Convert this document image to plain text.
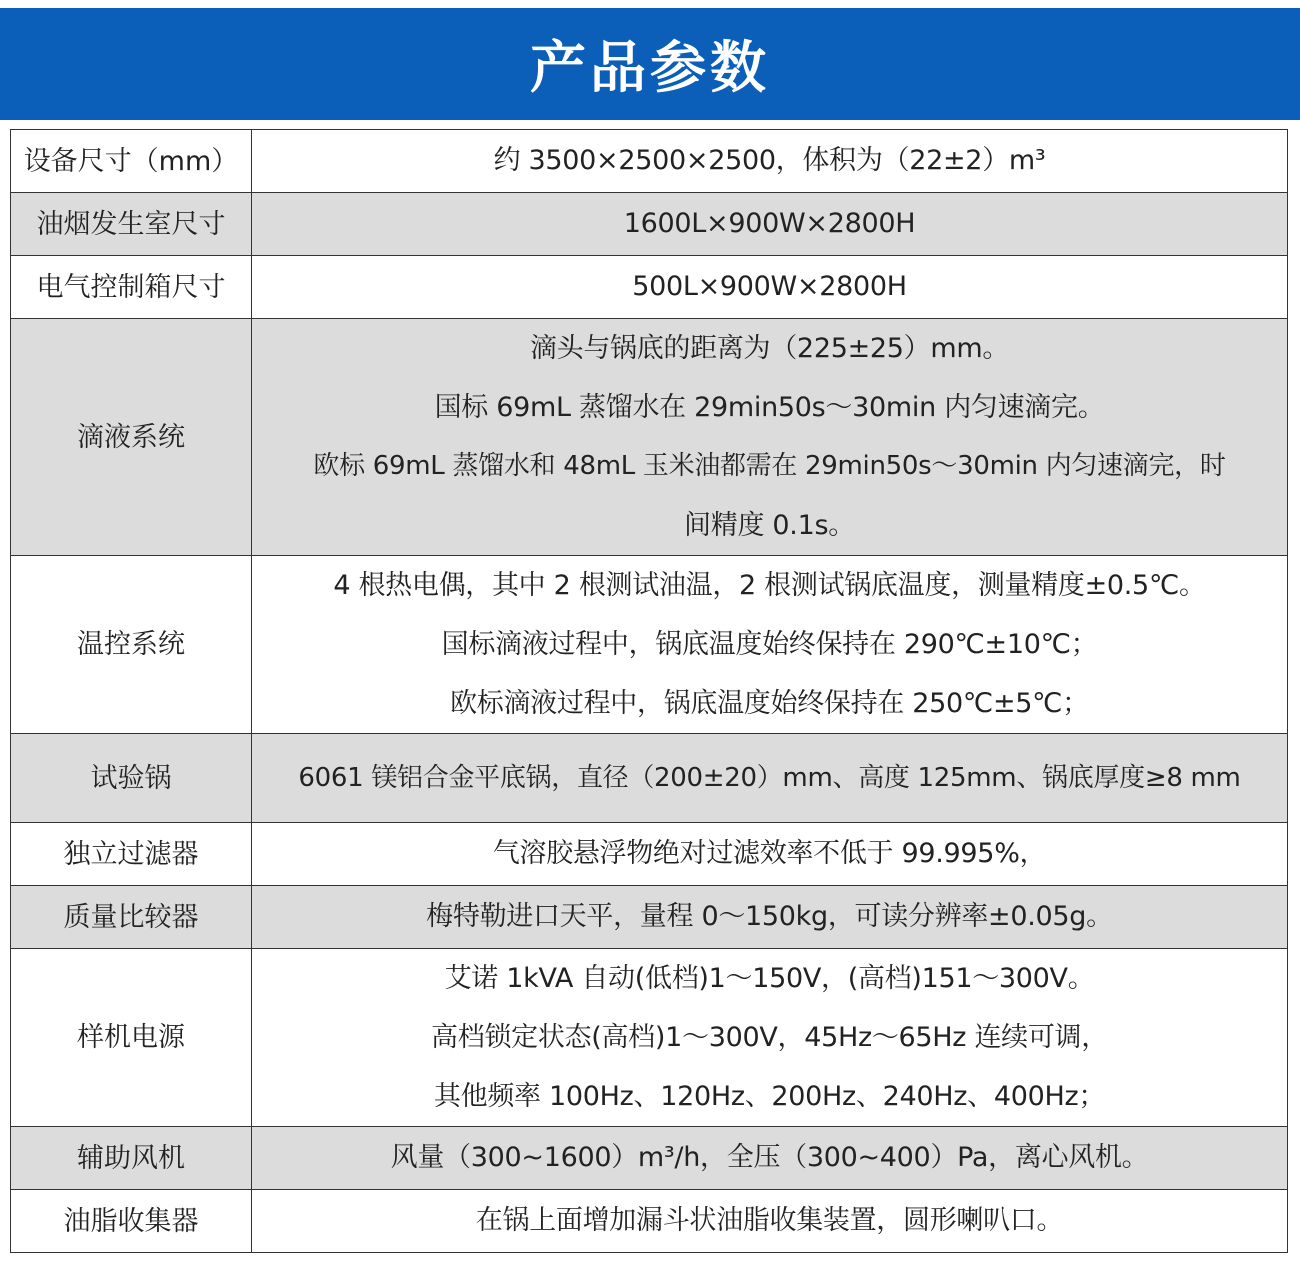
产品参数
设备尺寸（mm）	约 3500×2500×2500，体积为（22±2）m³

油烟发生室尺寸	1600L×900W×2800H

电气控制箱尺寸	500L×900W×2800H

滴液系统	滴头与锅底的距离为（225±25）mm。
国标 69mL 蒸馏水在 29min50s～30min 内匀速滴完。
欧标 69mL 蒸馏水和 48mL 玉米油都需在 29min50s～30min 内匀速滴完，时
间精度 0.1s。

温控系统	4 根热电偶，其中 2 根测试油温，2 根测试锅底温度，测量精度±0.5℃。
国标滴液过程中，锅底温度始终保持在 290℃±10℃；
欧标滴液过程中，锅底温度始终保持在 250℃±5℃；

试验锅	6061 镁铝合金平底锅，直径（200±20）mm、高度 125mm、锅底厚度≥8 mm

独立过滤器	气溶胶悬浮物绝对过滤效率不低于 99.995%，

质量比较器	梅特勒进口天平，量程 0～150kg，可读分辨率±0.05g。

样机电源	艾诺 1kVA 自动(低档)1～150V，(高档)151～300V。
高档锁定状态(高档)1～300V，45Hz～65Hz 连续可调，
其他频率 100Hz、120Hz、200Hz、240Hz、400Hz；

辅助风机	风量（300~1600）m³/h，全压（300~400）Pa，离心风机。

油脂收集器	在锅上面增加漏斗状油脂收集装置，圆形喇叭口。
